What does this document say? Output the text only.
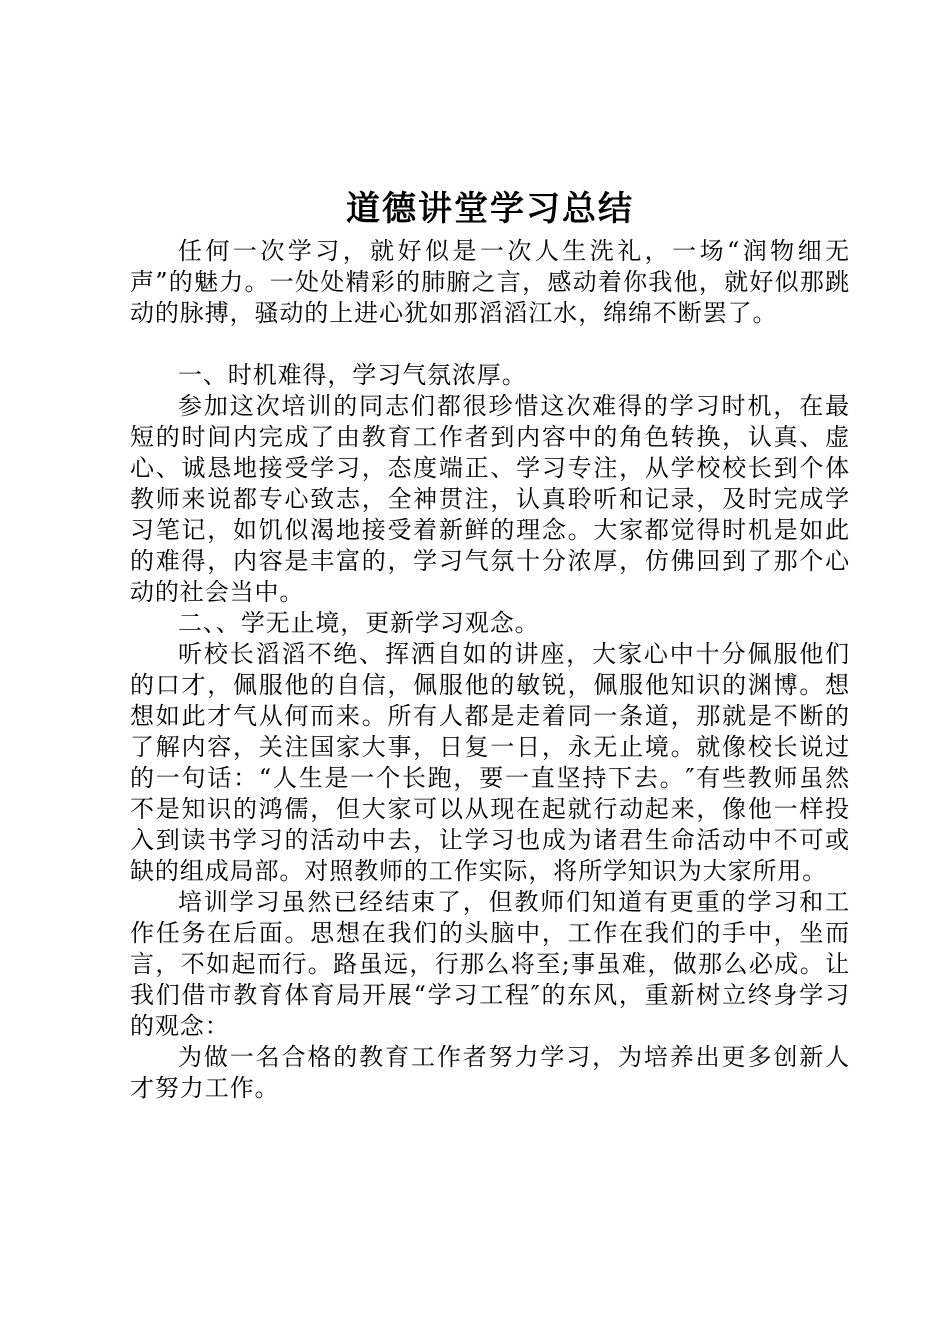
道德讲堂学习总结

任何一次学习，就好似是一次人生洗礼，一场“润物细无声”的魅力。一处处精彩的肺腑之言，感动着你我他，就好似那跳动的脉搏，骚动的上进心犹如那滔滔江水，绵绵不断罢了。

一、时机难得，学习气氛浓厚。

参加这次培训的同志们都很珍惜这次难得的学习时机，在最短的时间内完成了由教育工作者到内容中的角色转换，认真、虚心、诚恳地接受学习，态度端正、学习专注，从学校校长到个体教师来说都专心致志，全神贯注，认真聆听和记录，及时完成学习笔记，如饥似渴地接受着新鲜的理念。大家都觉得时机是如此的难得，内容是丰富的，学习气氛十分浓厚，仿佛回到了那个心动的社会当中。

二、、学无止境，更新学习观念。

听校长滔滔不绝、挥洒自如的讲座，大家心中十分佩服他们的口才，佩服他的自信，佩服他的敏锐，佩服他知识的渊博。想想如此才气从何而来。所有人都是走着同一条道，那就是不断的了解内容，关注国家大事，日复一日，永无止境。就像校长说过的一句话：“人生是一个长跑，要一直坚持下去。″有些教师虽然不是知识的鸿儒，但大家可以从现在起就行动起来，像他一样投入到读书学习的活动中去，让学习也成为诸君生命活动中不可或缺的组成局部。对照教师的工作实际，将所学知识为大家所用。

培训学习虽然已经结束了，但教师们知道有更重的学习和工作任务在后面。思想在我们的头脑中，工作在我们的手中，坐而言，不如起而行。路虽远，行那么将至;事虽难，做那么必成。让我们借市教育体育局开展“学习工程″的东风，重新树立终身学习的观念：

为做一名合格的教育工作者努力学习，为培养出更多创新人才努力工作。
